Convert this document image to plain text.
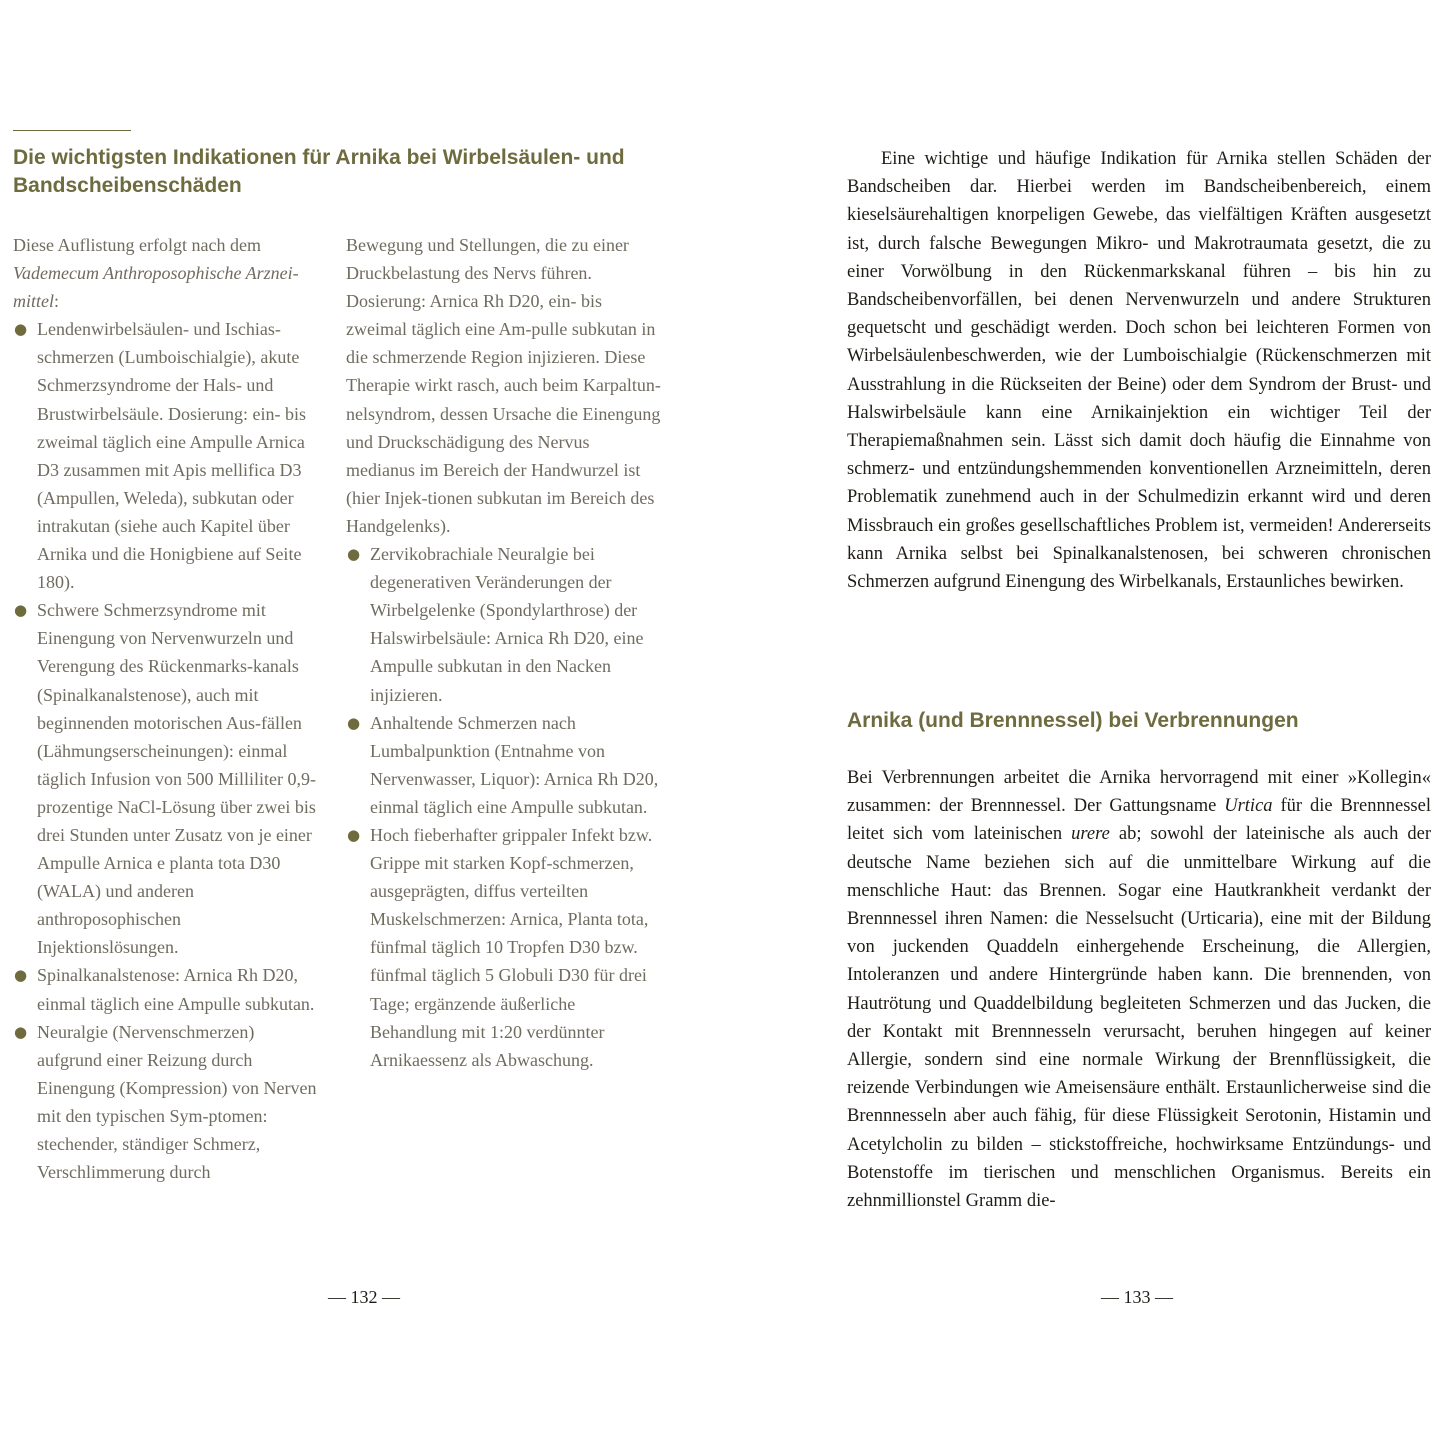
Die wichtigsten Indikationen für Arnika bei Wirbelsäulen- und Bandscheibenschäden

Diese Auflistung erfolgt nach dem Vademecum Anthroposophische Arznei-mittel:

● Lendenwirbelsäulen- und Ischias-schmerzen (Lumboischialgie), akute Schmerzsyndrome der Hals- und Brustwirbelsäule. Dosierung: ein- bis zweimal täglich eine Ampulle Arnica D3 zusammen mit Apis mellifica D3 (Ampullen, Weleda), subkutan oder intrakutan (siehe auch Kapitel über Arnika und die Honigbiene auf Seite 180).
● Schwere Schmerzsyndrome mit Einengung von Nervenwurzeln und Verengung des Rückenmarks-kanals (Spinalkanalstenose), auch mit beginnenden motorischen Aus-fällen (Lähmungserscheinungen): einmal täglich Infusion von 500 Milliliter 0,9-prozentige NaCl-Lösung über zwei bis drei Stunden unter Zusatz von je einer Ampulle Arnica e planta tota D30 (WALA) und anderen anthroposophischen Injektionslösungen.
● Spinalkanalstenose: Arnica Rh D20, einmal täglich eine Ampulle subkutan.
● Neuralgie (Nervenschmerzen) aufgrund einer Reizung durch Einengung (Kompression) von Nerven mit den typischen Sym-ptomen: stechender, ständiger Schmerz, Verschlimmerung durch

Bewegung und Stellungen, die zu einer Druckbelastung des Nervs führen. Dosierung: Arnica Rh D20, ein- bis zweimal täglich eine Am-pulle subkutan in die schmerzende Region injizieren. Diese Therapie wirkt rasch, auch beim Karpaltun-nelsyndrom, dessen Ursache die Einengung und Druckschädigung des Nervus medianus im Bereich der Handwurzel ist (hier Injek-tionen subkutan im Bereich des Handgelenks).

● Zervikobrachiale Neuralgie bei degenerativen Veränderungen der Wirbelgelenke (Spondylarthrose) der Halswirbelsäule: Arnica Rh D20, eine Ampulle subkutan in den Nacken injizieren.
● Anhaltende Schmerzen nach Lumbalpunktion (Entnahme von Nervenwasser, Liquor): Arnica Rh D20, einmal täglich eine Ampulle subkutan.
● Hoch fieberhafter grippaler Infekt bzw. Grippe mit starken Kopf-schmerzen, ausgeprägten, diffus verteilten Muskelschmerzen: Arnica, Planta tota, fünfmal täglich 10 Tropfen D30 bzw. fünfmal täglich 5 Globuli D30 für drei Tage; ergänzende äußerliche Behandlung mit 1:20 verdünnter Arnikaessenz als Abwaschung.
— 132 —

Eine wichtige und häufige Indikation für Arnika stellen Schäden der Bandscheiben dar. Hierbei werden im Bandscheibenbereich, einem kieselsäurehaltigen knorpeligen Gewebe, das vielfältigen Kräften ausgesetzt ist, durch falsche Bewegungen Mikro- und Makrotraumata gesetzt, die zu einer Vorwölbung in den Rückenmarkskanal führen – bis hin zu Bandscheibenvorfällen, bei denen Nervenwurzeln und andere Strukturen gequetscht und geschädigt werden. Doch schon bei leichteren Formen von Wirbelsäulenbeschwerden, wie der Lumboischialgie (Rückenschmerzen mit Ausstrahlung in die Rückseiten der Beine) oder dem Syndrom der Brust- und Halswirbelsäule kann eine Arnikainjektion ein wichtiger Teil der Therapiemaßnahmen sein. Lässt sich damit doch häufig die Einnahme von schmerz- und entzündungshemmenden konventionellen Arzneimitteln, deren Problematik zunehmend auch in der Schulmedizin erkannt wird und deren Missbrauch ein großes gesellschaftliches Problem ist, vermeiden! Andererseits kann Arnika selbst bei Spinalkanalstenosen, bei schweren chronischen Schmerzen aufgrund Einengung des Wirbelkanals, Erstaunliches bewirken.

Arnika (und Brennnessel) bei Verbrennungen

Bei Verbrennungen arbeitet die Arnika hervorragend mit einer »Kollegin« zusammen: der Brennnessel. Der Gattungsname Urtica für die Brennnessel leitet sich vom lateinischen urere ab; sowohl der lateinische als auch der deutsche Name beziehen sich auf die unmittelbare Wirkung auf die menschliche Haut: das Brennen. Sogar eine Hautkrankheit verdankt der Brennnessel ihren Namen: die Nesselsucht (Urticaria), eine mit der Bildung von juckenden Quaddeln einhergehende Erscheinung, die Allergien, Intoleranzen und andere Hintergründe haben kann. Die brennenden, von Hautrötung und Quaddelbildung begleiteten Schmerzen und das Jucken, die der Kontakt mit Brennnesseln verursacht, beruhen hingegen auf keiner Allergie, sondern sind eine normale Wirkung der Brennflüssigkeit, die reizende Verbindungen wie Ameisensäure enthält. Erstaunlicherweise sind die Brennnesseln aber auch fähig, für diese Flüssigkeit Serotonin, Histamin und Acetylcholin zu bilden – stickstoffreiche, hochwirksame Entzündungs- und Botenstoffe im tierischen und menschlichen Organismus. Bereits ein zehnmillionstel Gramm die-

— 133 —
